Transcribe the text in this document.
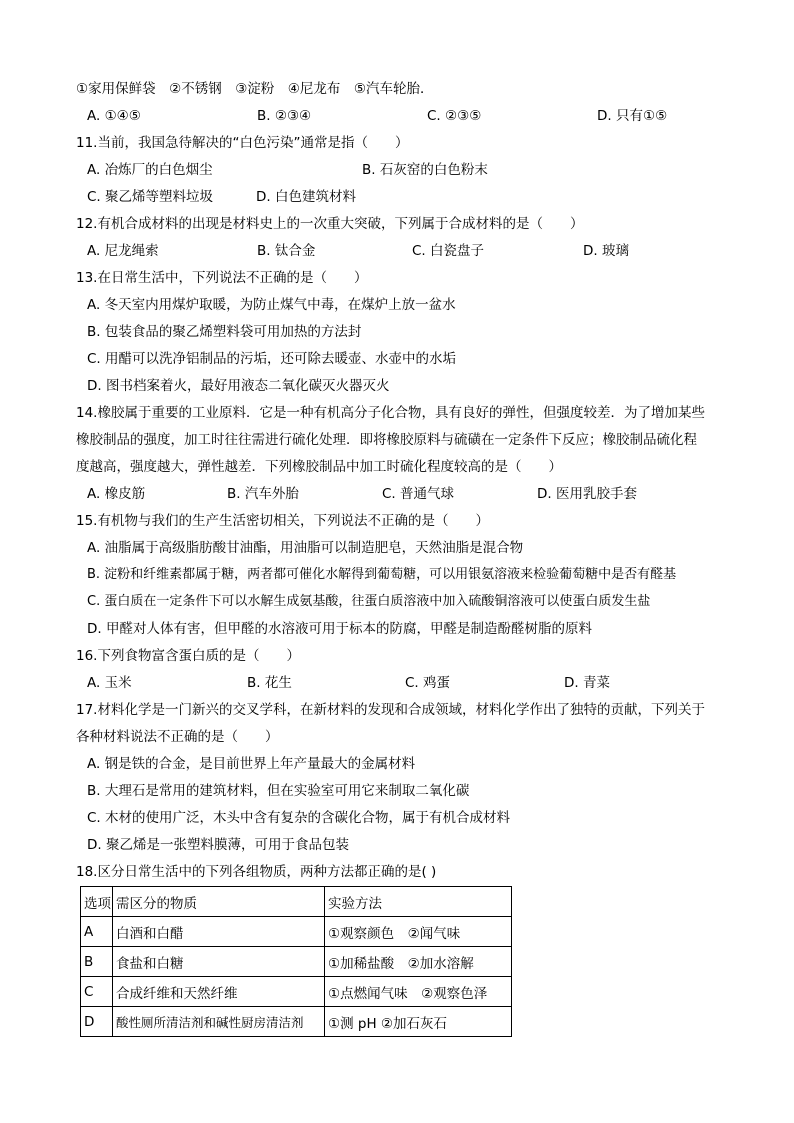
①家用保鲜袋　②不锈钢　③淀粉　④尼龙布　⑤汽车轮胎．
A. ①④⑤	B. ②③④	C. ②③⑤	D. 只有①⑤
11.当前，我国急待解决的“白色污染”通常是指（　　）
A. 冶炼厂的白色烟尘	B. 石灰窑的白色粉末
C. 聚乙烯等塑料垃圾	D. 白色建筑材料
12.有机合成材料的出现是材料史上的一次重大突破，下列属于合成材料的是（　　）
A. 尼龙绳索	B. 钛合金	C. 白瓷盘子	D. 玻璃
13.在日常生活中，下列说法不正确的是（　　）
A. 冬天室内用煤炉取暖，为防止煤气中毒，在煤炉上放一盆水
B. 包装食品的聚乙烯塑料袋可用加热的方法封
C. 用醋可以洗净铝制品的污垢，还可除去暖壶、水壶中的水垢
D. 图书档案着火，最好用液态二氧化碳灭火器灭火
14.橡胶属于重要的工业原料．它是一种有机高分子化合物，具有良好的弹性，但强度较差．为了增加某些
橡胶制品的强度，加工时往往需进行硫化处理．即将橡胶原料与硫磺在一定条件下反应；橡胶制品硫化程
度越高，强度越大，弹性越差．下列橡胶制品中加工时硫化程度较高的是（　　）
A. 橡皮筋	B. 汽车外胎	C. 普通气球	D. 医用乳胶手套
15.有机物与我们的生产生活密切相关，下列说法不正确的是（　　）
A. 油脂属于高级脂肪酸甘油酯，用油脂可以制造肥皂，天然油脂是混合物
B. 淀粉和纤维素都属于糖，两者都可催化水解得到葡萄糖，可以用银氨溶液来检验葡萄糖中是否有醛基
C. 蛋白质在一定条件下可以水解生成氨基酸，往蛋白质溶液中加入硫酸铜溶液可以使蛋白质发生盐
D. 甲醛对人体有害，但甲醛的水溶液可用于标本的防腐，甲醛是制造酚醛树脂的原料
16.下列食物富含蛋白质的是（　　）
A. 玉米	B. 花生	C. 鸡蛋	D. 青菜
17.材料化学是一门新兴的交叉学科，在新材料的发现和合成领域，材料化学作出了独特的贡献，下列关于
各种材料说法不正确的是（　　）
A. 钢是铁的合金，是目前世界上年产量最大的金属材料
B. 大理石是常用的建筑材料，但在实验室可用它来制取二氧化碳
C. 木材的使用广泛，木头中含有复杂的含碳化合物，属于有机合成材料
D. 聚乙烯是一张塑料膜薄，可用于食品包装
18.区分日常生活中的下列各组物质，两种方法都正确的是( )
选项	需区分的物质	实验方法
A	白酒和白醋	①观察颜色　②闻气味
B	食盐和白糖	①加稀盐酸　②加水溶解
C	合成纤维和天然纤维	①点燃闻气味　②观察色泽
D	酸性厕所清洁剂和碱性厨房清洁剂	①测 pH ②加石灰石
